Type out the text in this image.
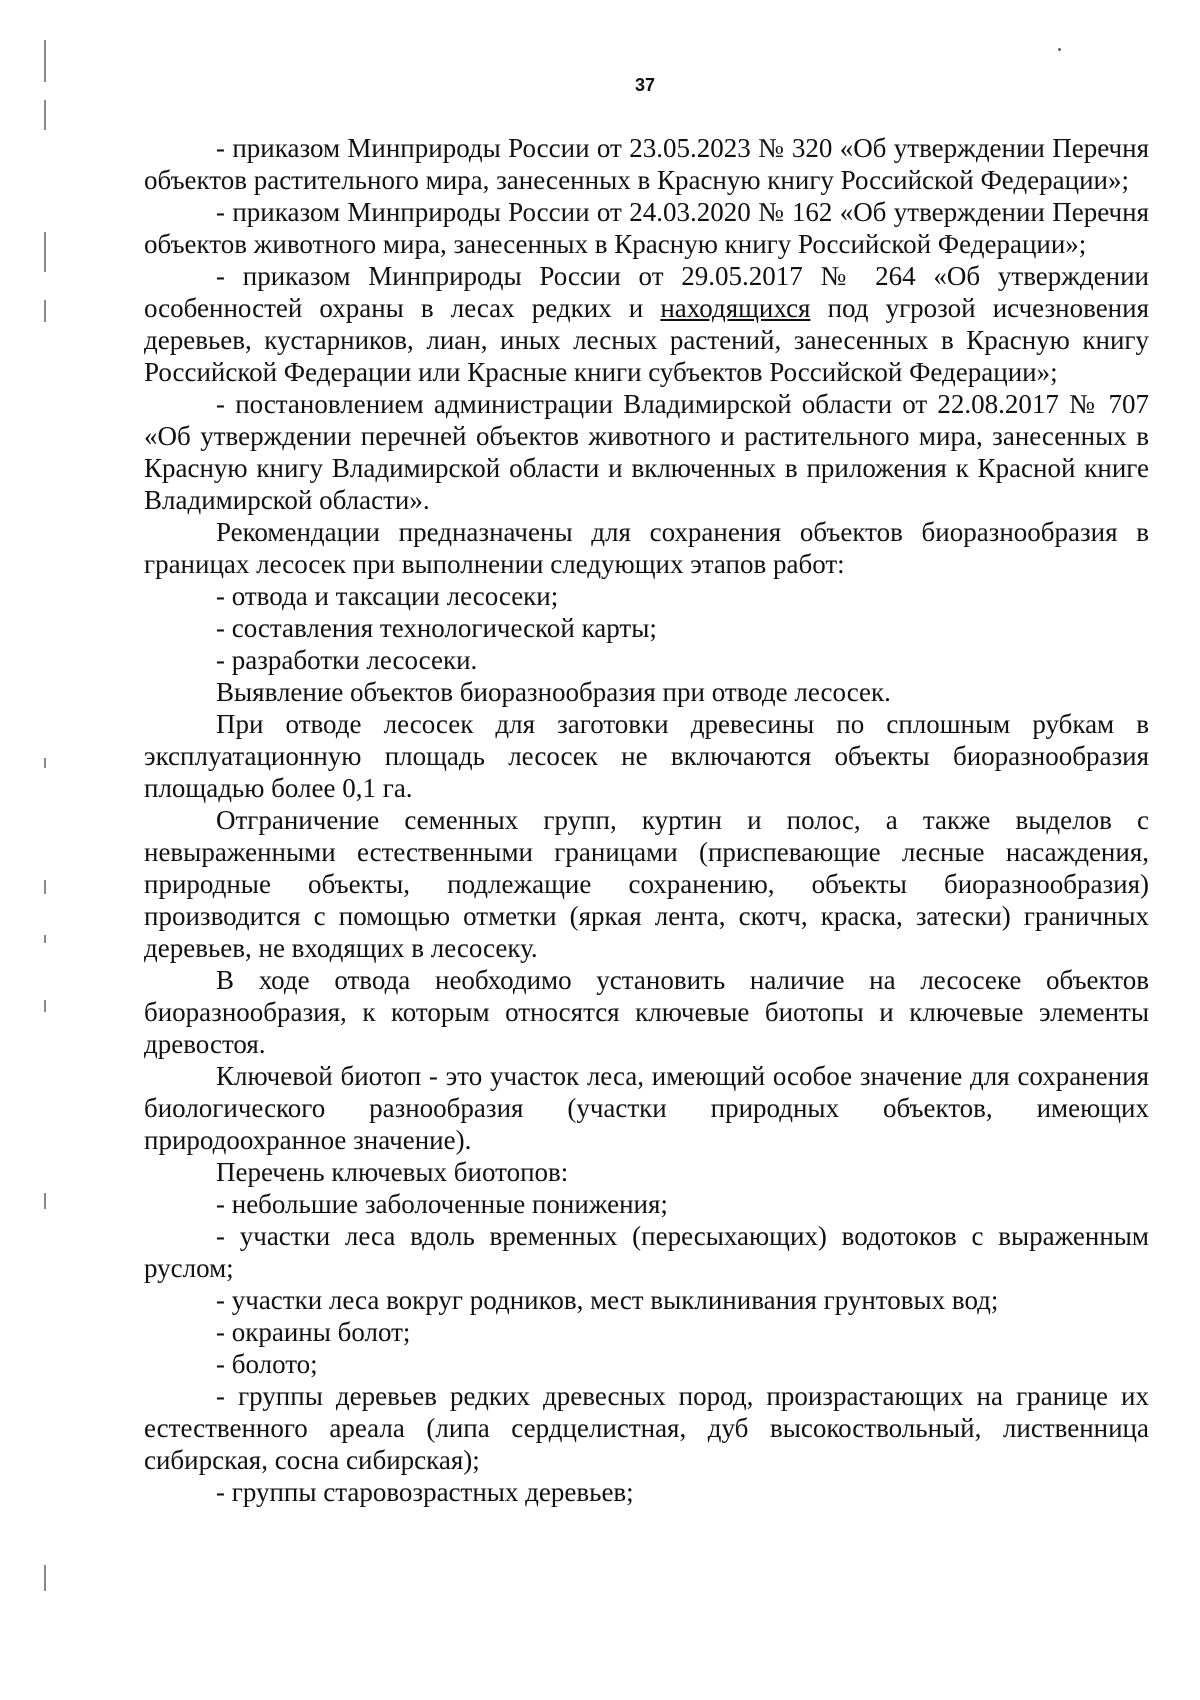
37

- приказом Минприроды России от 23.05.2023 № 320 «Об утверждении Перечня объектов растительного мира, занесенных в Красную книгу Российской Федерации»;

- приказом Минприроды России от 24.03.2020 № 162 «Об утверждении Перечня объектов животного мира, занесенных в Красную книгу Российской Федерации»;

- приказом Минприроды России от 29.05.2017 № 264 «Об утверждении особенностей охраны в лесах редких и находящихся под угрозой исчезновения деревьев, кустарников, лиан, иных лесных растений, занесенных в Красную книгу Российской Федерации или Красные книги субъектов Российской Федерации»;

- постановлением администрации Владимирской области от 22.08.2017 № 707 «Об утверждении перечней объектов животного и растительного мира, занесенных в Красную книгу Владимирской области и включенных в приложения к Красной книге Владимирской области».

Рекомендации предназначены для сохранения объектов биоразнообразия в границах лесосек при выполнении следующих этапов работ:

- отвода и таксации лесосеки;

- составления технологической карты;

- разработки лесосеки.

Выявление объектов биоразнообразия при отводе лесосек.

При отводе лесосек для заготовки древесины по сплошным рубкам в эксплуатационную площадь лесосек не включаются объекты биоразнообразия площадью более 0,1 га.

Отграничение семенных групп, куртин и полос, а также выделов с невыраженными естественными границами (приспевающие лесные насаждения, природные объекты, подлежащие сохранению, объекты биоразнообразия) производится с помощью отметки (яркая лента, скотч, краска, затески) граничных деревьев, не входящих в лесосеку.

В ходе отвода необходимо установить наличие на лесосеке объектов биоразнообразия, к которым относятся ключевые биотопы и ключевые элементы древостоя.

Ключевой биотоп - это участок леса, имеющий особое значение для сохранения биологического разнообразия (участки природных объектов, имеющих природоохранное значение).

Перечень ключевых биотопов:

- небольшие заболоченные понижения;

- участки леса вдоль временных (пересыхающих) водотоков с выраженным руслом;

- участки леса вокруг родников, мест выклинивания грунтовых вод;

- окраины болот;

- болото;

- группы деревьев редких древесных пород, произрастающих на границе их естественного ареала (липа сердцелистная, дуб высокоствольный, лиственница сибирская, сосна сибирская);

- группы старовозрастных деревьев;
